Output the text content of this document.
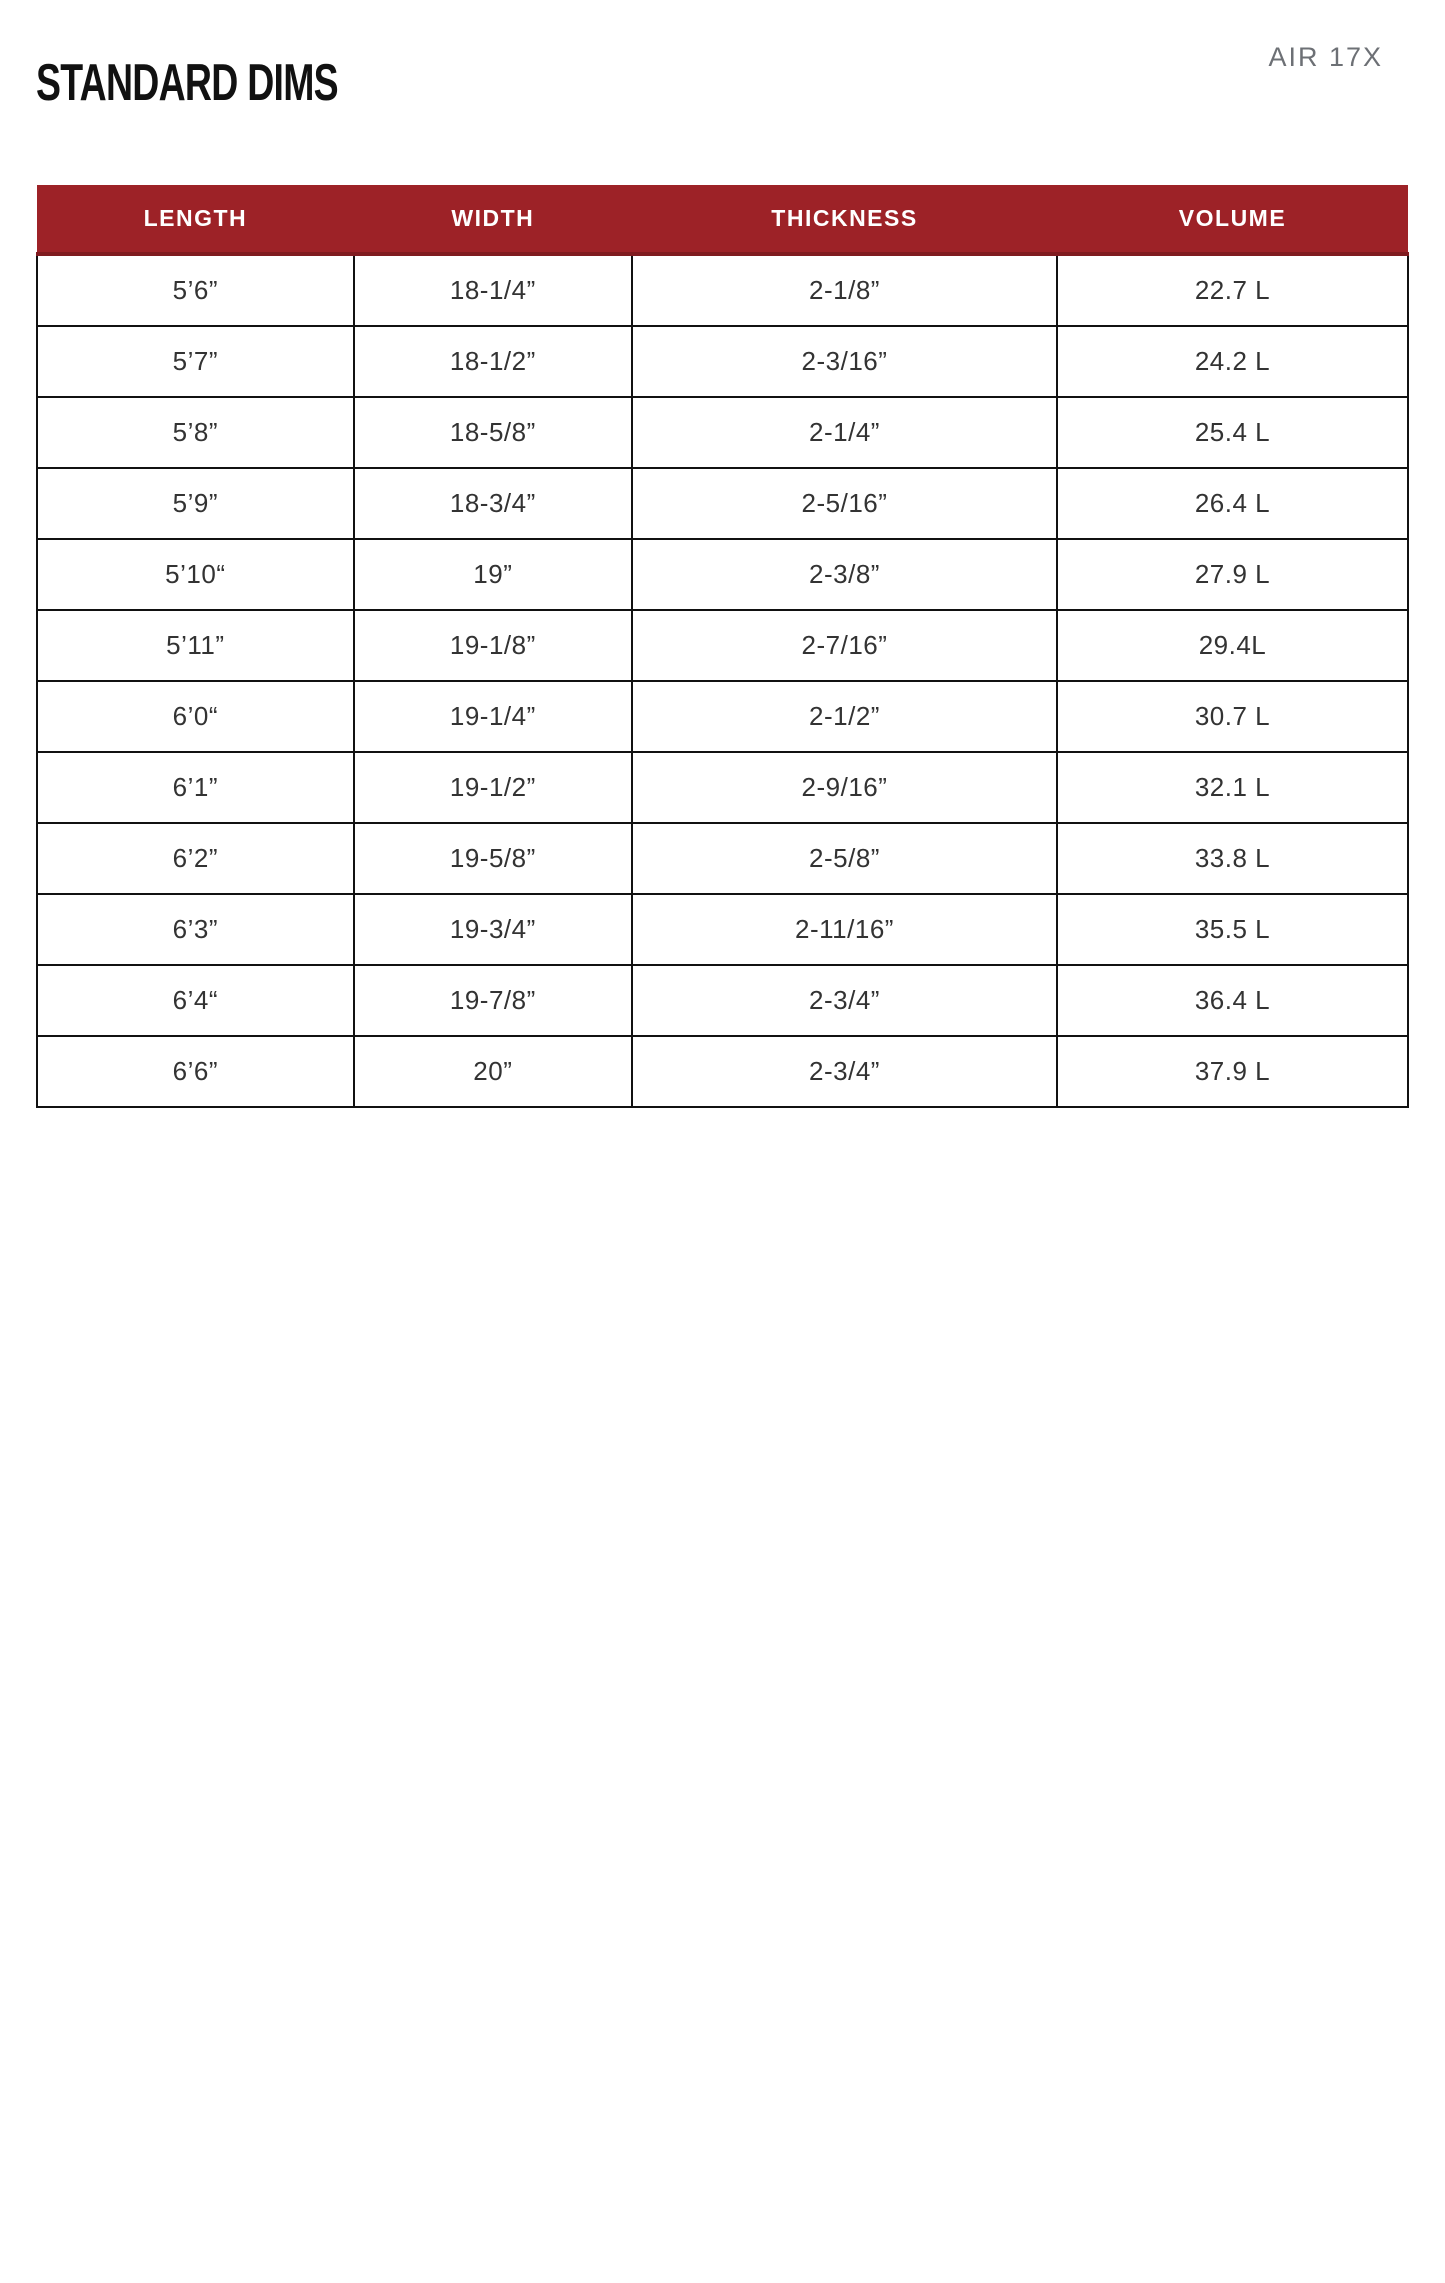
STANDARD DIMS	AIR 17X
LENGTH	WIDTH	THICKNESS	VOLUME
5’6”	18-1/4”	2-1/8”	22.7 L
5’7”	18-1/2”	2-3/16”	24.2 L
5’8”	18-5/8”	2-1/4”	25.4 L
5’9”	18-3/4”	2-5/16”	26.4 L
5’10“	19”	2-3/8”	27.9 L
5’11”	19-1/8”	2-7/16”	29.4L
6’0“	19-1/4”	2-1/2”	30.7 L
6’1”	19-1/2”	2-9/16”	32.1 L
6’2”	19-5/8”	2-5/8”	33.8 L
6’3”	19-3/4”	2-11/16”	35.5 L
6’4“	19-7/8”	2-3/4”	36.4 L
6’6”	20”	2-3/4”	37.9 L
